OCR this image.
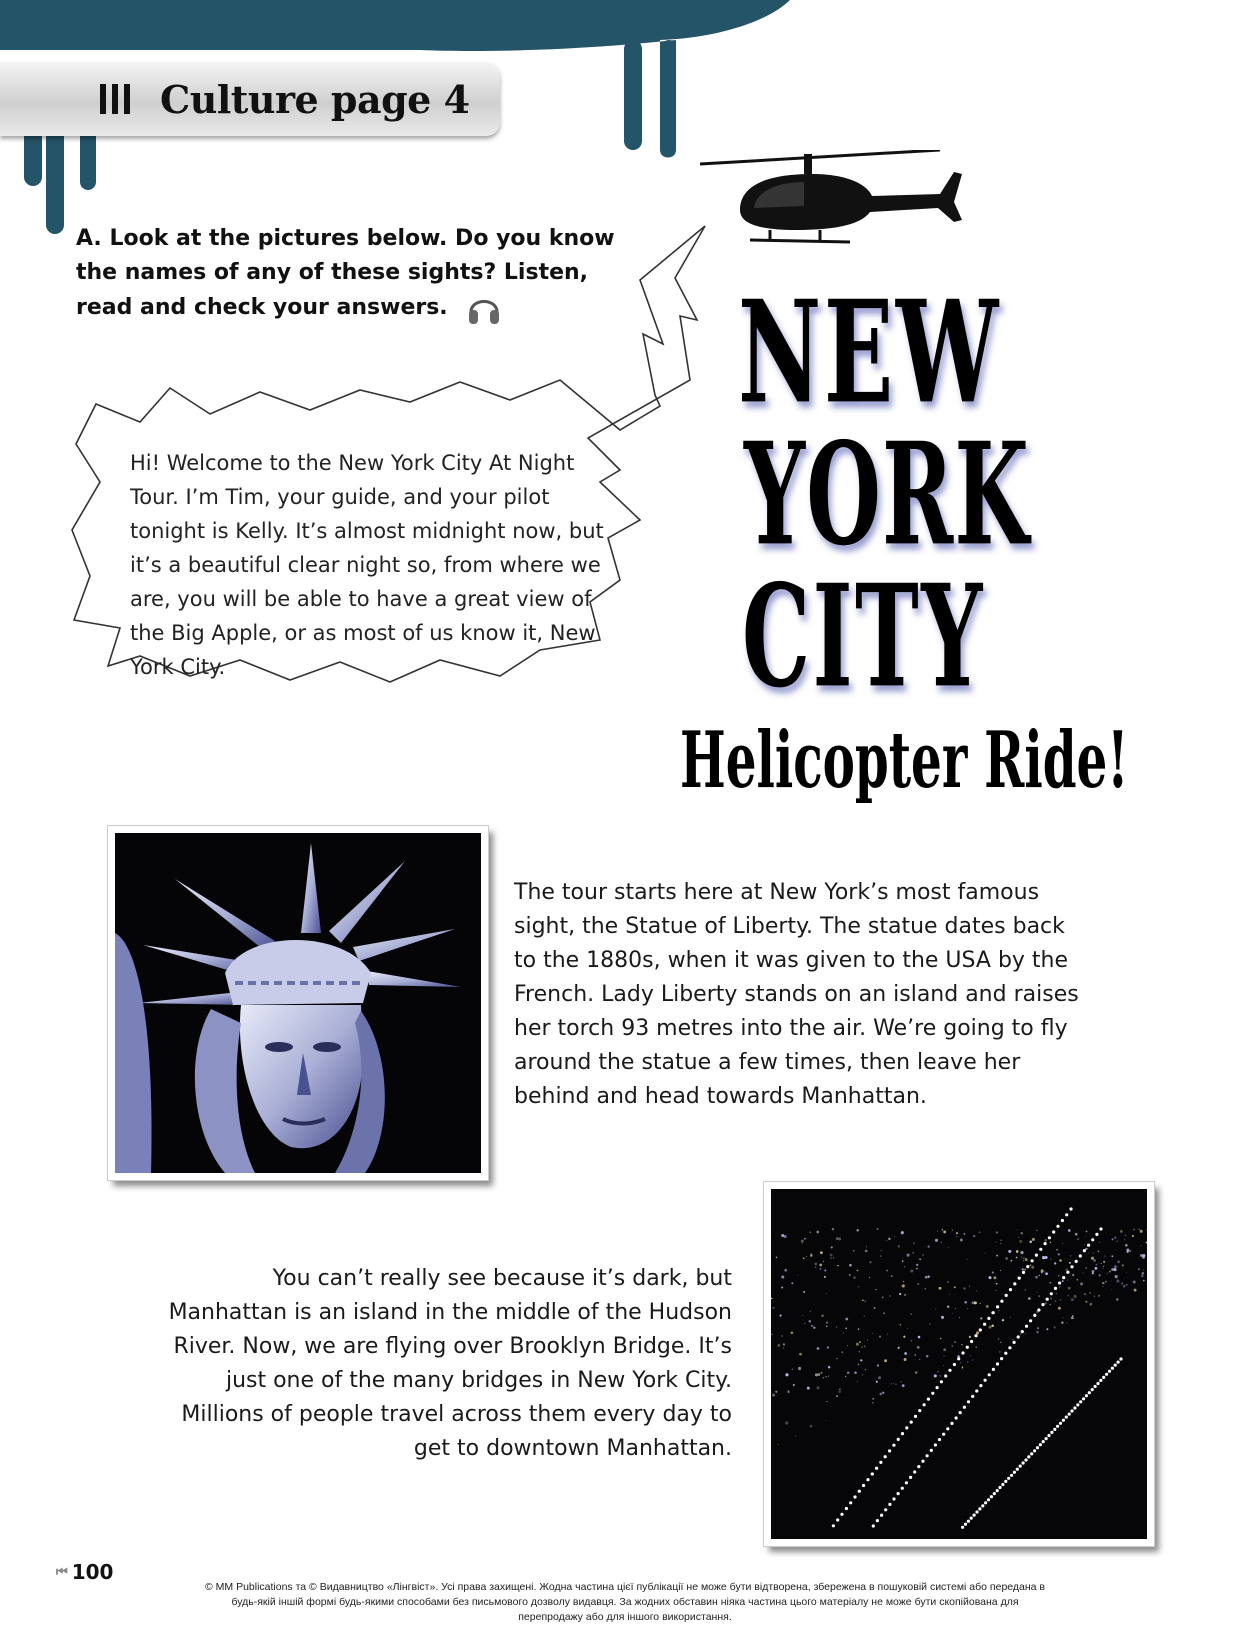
Culture page 4
A. Look at the pictures below. Do you know the names of any of these sights? Listen, read and check your answers.
Hi! Welcome to the New York City At Night Tour. I’m Tim, your guide, and your pilot tonight is Kelly. It’s almost midnight now, but it’s a beautiful clear night so, from where we are, you will be able to have a great view of the Big Apple, or as most of us know it, New York City.
NEW
YORK
CITY
Helicopter Ride!
The tour starts here at New York’s most famous sight, the Statue of Liberty. The statue dates back to the 1880s, when it was given to the USA by the French. Lady Liberty stands on an island and raises her torch 93 metres into the air. We’re going to fly around the statue a few times, then leave her behind and head towards Manhattan.
You can’t really see because it’s dark, but Manhattan is an island in the middle of the Hudson River. Now, we are flying over Brooklyn Bridge. It’s just one of the many bridges in New York City. Millions of people travel across them every day to get to downtown Manhattan.
⏮ 100
© MM Publications та © Видавництво «Лінгвіст». Усі права захищені. Жодна частина цієї публікації не може бути відтворена, збережена в пошуковій системі або передана в будь-якій іншій формі будь-якими способами без письмового дозволу видавця. За жодних обставин ніяка частина цього матеріалу не може бути скопійована для перепродажу або для іншого використання.
